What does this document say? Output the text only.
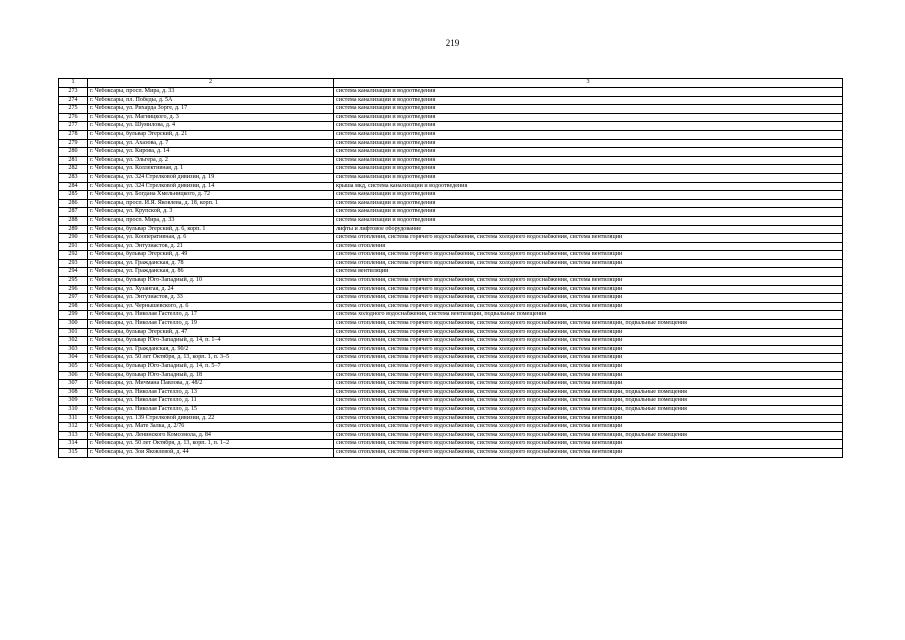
219
1	2	3
273	г. Чебоксары, просп. Мира, д. 33	система канализации и водоотведения
274	г. Чебоксары, пл. Победы, д. 5А	система канализации и водоотведения
275	г. Чебоксары, ул. Рихарда Зорге, д. 17	система канализации и водоотведения
276	г. Чебоксары, ул. Магницкого, д. 3	система канализации и водоотведения
277	г. Чебоксары, ул. Шумилова, д. 4	система канализации и водоотведения
278	г. Чебоксары, бульвар Эгерский, д. 21	система канализации и водоотведения
279	г. Чебоксары, ул. Ахазова, д. 7	система канализации и водоотведения
280	г. Чебоксары, ул. Кирова, д. 14	система канализации и водоотведения
281	г. Чебоксары, ул. Эльгера, д. 2	система канализации и водоотведения
282	г. Чебоксары, ул. Коллективная, д. 1	система канализации и водоотведения
283	г. Чебоксары, ул. 324 Стрелковой дивизии, д. 19	система канализации и водоотведения
284	г. Чебоксары, ул. 324 Стрелковой дивизии, д. 14	крыша мкд, система канализации и водоотведения
285	г. Чебоксары, ул. Богдана Хмельницкого, д. 72	система канализации и водоотведения
286	г. Чебоксары, просп. И.Я. Яковлева, д. 18, корп. 1	система канализации и водоотведения
287	г. Чебоксары, ул. Крупской, д. 3	система канализации и водоотведения
288	г. Чебоксары, просп. Мира, д. 33	система канализации и водоотведения
289	г. Чебоксары, бульвар Эгерский, д. 6, корп. 1	лифты и лифтовое оборудование
290	г. Чебоксары, ул. Кооперативная, д. 6	система отопления, система горячего водоснабжения, система холодного водоснабжения, система вентиляции
291	г. Чебоксары, ул. Энтузиастов, д. 21	система отопления
292	г. Чебоксары, бульвар Эгерский, д. 49	система отопления, система горячего водоснабжения, система холодного водоснабжения, система вентиляции
293	г. Чебоксары, ул. Гражданская, д. 78	система отопления, система горячего водоснабжения, система холодного водоснабжения, система вентиляции
294	г. Чебоксары, ул. Гражданская, д. 86	система вентиляции
295	г. Чебоксары, бульвар Юго-Западный, д. 10	система отопления, система горячего водоснабжения, система холодного водоснабжения, система вентиляции
296	г. Чебоксары, ул. Хузангая, д. 24	система отопления, система горячего водоснабжения, система холодного водоснабжения, система вентиляции
297	г. Чебоксары, ул. Энтузиастов, д. 33	система отопления, система горячего водоснабжения, система холодного водоснабжения, система вентиляции
298	г. Чебоксары, ул. Чернышевского, д. 6	система отопления, система горячего водоснабжения, система холодного водоснабжения, система вентиляции
299	г. Чебоксары, ул. Николая Гастелло, д. 17	система холодного водоснабжения, система вентиляции, подвальные помещения
300	г. Чебоксары, ул. Николая Гастелло, д. 19	система отопления, система горячего водоснабжения, система холодного водоснабжения, система вентиляции, подвальные помещения
301	г. Чебоксары, бульвар Эгерский, д. 47	система отопления, система горячего водоснабжения, система холодного водоснабжения, система вентиляции
302	г. Чебоксары, бульвар Юго-Западный, д. 14, п. 1–4	система отопления, система горячего водоснабжения, система холодного водоснабжения, система вентиляции
303	г. Чебоксары, ул. Гражданская, д. 90/2	система отопления, система горячего водоснабжения, система холодного водоснабжения, система вентиляции
304	г. Чебоксары, ул. 50 лет Октября, д. 13, корп. 1, п. 3–5	система отопления, система горячего водоснабжения, система холодного водоснабжения, система вентиляции
305	г. Чебоксары, бульвар Юго-Западный, д. 14, п. 5–7	система отопления, система горячего водоснабжения, система холодного водоснабжения, система вентиляции
306	г. Чебоксары, бульвар Юго-Западный, д. 18	система отопления, система горячего водоснабжения, система холодного водоснабжения, система вентиляции
307	г. Чебоксары, ул. Мичмана Павлова, д. 48/2	система отопления, система горячего водоснабжения, система холодного водоснабжения, система вентиляции
308	г. Чебоксары, ул. Николая Гастелло, д. 13	система отопления, система горячего водоснабжения, система холодного водоснабжения, система вентиляции, подвальные помещения
309	г. Чебоксары, ул. Николая Гастелло, д. 11	система отопления, система горячего водоснабжения, система холодного водоснабжения, система вентиляции, подвальные помещения
310	г. Чебоксары, ул. Николая Гастелло, д. 15	система отопления, система горячего водоснабжения, система холодного водоснабжения, система вентиляции, подвальные помещения
311	г. Чебоксары, ул. 139 Стрелковой дивизии, д. 22	система отопления, система горячего водоснабжения, система холодного водоснабжения, система вентиляции
312	г. Чебоксары, ул. Мате Залка, д. 2/76	система отопления, система горячего водоснабжения, система холодного водоснабжения, система вентиляции
313	г. Чебоксары, ул. Ленинского Комсомола, д. 84	система отопления, система горячего водоснабжения, система холодного водоснабжения, система вентиляции, подвальные помещения
314	г. Чебоксары, ул. 50 лет Октября, д. 13, корп. 1, п. 1–2	система отопления, система горячего водоснабжения, система холодного водоснабжения, система вентиляции
315	г. Чебоксары, ул. Зои Яковлевой, д. 44	система отопления, система горячего водоснабжения, система холодного водоснабжения, система вентиляции
